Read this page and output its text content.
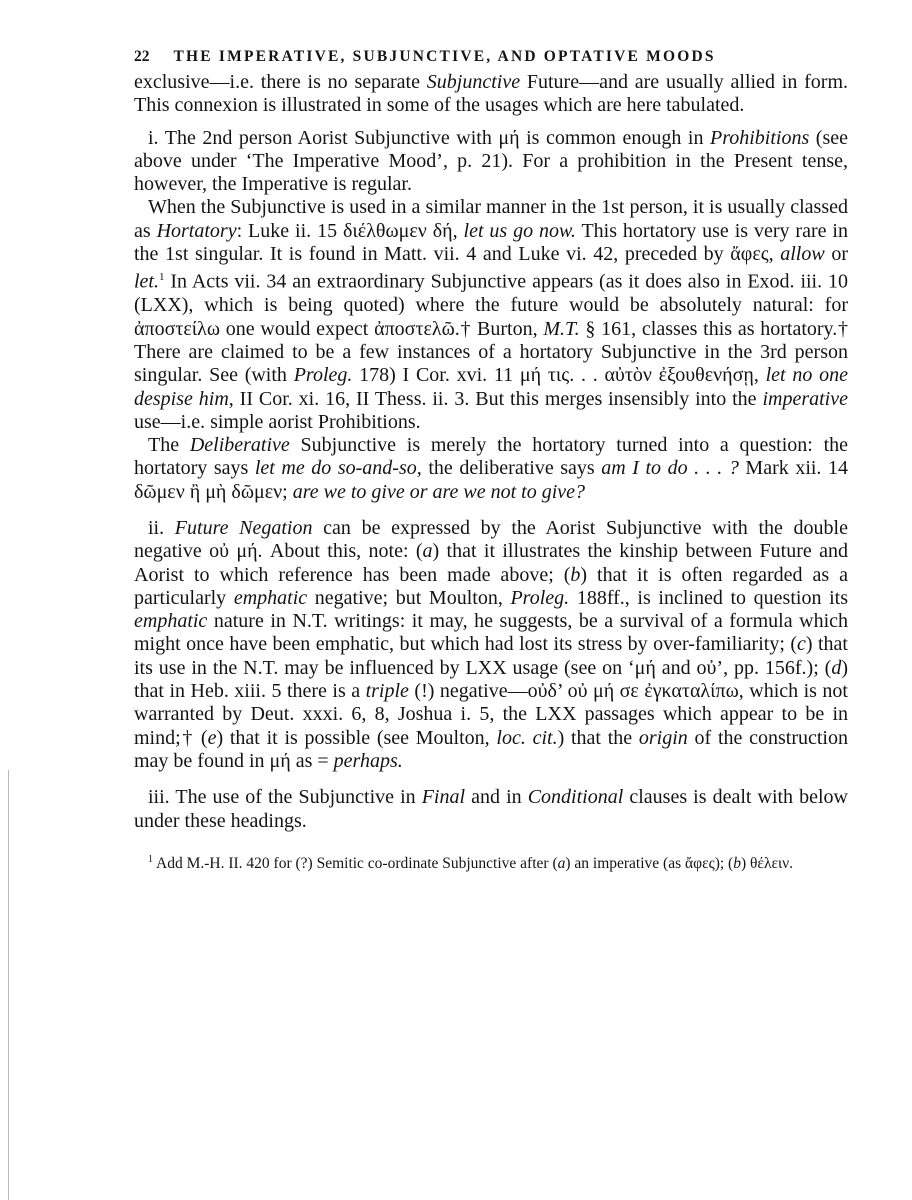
22 THE IMPERATIVE, SUBJUNCTIVE, AND OPTATIVE MOODS

exclusive—i.e. there is no separate Subjunctive Future—and are usually allied in form. This connexion is illustrated in some of the usages which are here tabulated.

i. The 2nd person Aorist Subjunctive with μή is common enough in Prohibitions (see above under ‘The Imperative Mood’, p. 21). For a prohibition in the Present tense, however, the Imperative is regular.

When the Subjunctive is used in a similar manner in the 1st person, it is usually classed as Hortatory: Luke ii. 15 διέλθωμεν δή, let us go now. This hortatory use is very rare in the 1st singular. It is found in Matt. vii. 4 and Luke vi. 42, preceded by ἄφες, allow or let.$^1$ In Acts vii. 34 an extraordinary Subjunctive appears (as it does also in Exod. iii. 10 (LXX), which is being quoted) where the future would be absolutely natural: for ἀποστείλω one would expect ἀποστελῶ.† Burton, M.T. § 161, classes this as hortatory.† There are claimed to be a few instances of a hortatory Subjunctive in the 3rd person singular. See (with Proleg. 178) I Cor. xvi. 11 μή τις. . . αὐτὸν ἐξουθενήσῃ, let no one despise him, II Cor. xi. 16, II Thess. ii. 3. But this merges insensibly into the imperative use—i.e. simple aorist Prohibitions.

The Deliberative Subjunctive is merely the hortatory turned into a question: the hortatory says let me do so-and-so, the deliberative says am I to do . . . ? Mark xii. 14 δῶμεν ἢ μὴ δῶμεν; are we to give or are we not to give?

ii. Future Negation can be expressed by the Aorist Subjunctive with the double negative οὐ μή. About this, note: (a) that it illustrates the kinship between Future and Aorist to which reference has been made above; (b) that it is often regarded as a particularly emphatic negative; but Moulton, Proleg. 188ff., is inclined to question its emphatic nature in N.T. writings: it may, he suggests, be a survival of a formula which might once have been emphatic, but which had lost its stress by over-familiarity; (c) that its use in the N.T. may be influenced by LXX usage (see on ‘μή and οὐ’, pp. 156f.); (d) that in Heb. xiii. 5 there is a triple (!) negative—οὐδ’ οὐ μή σε ἐγκαταλίπω, which is not warranted by Deut. xxxi. 6, 8, Joshua i. 5, the LXX passages which appear to be in mind;† (e) that it is possible (see Moulton, loc. cit.) that the origin of the construction may be found in μή as = perhaps.

iii. The use of the Subjunctive in Final and in Conditional clauses is dealt with below under these headings.

$^1$ Add M.-H. II. 420 for (?) Semitic co-ordinate Subjunctive after (a) an imperative (as ἄφες); (b) θέλειν.
